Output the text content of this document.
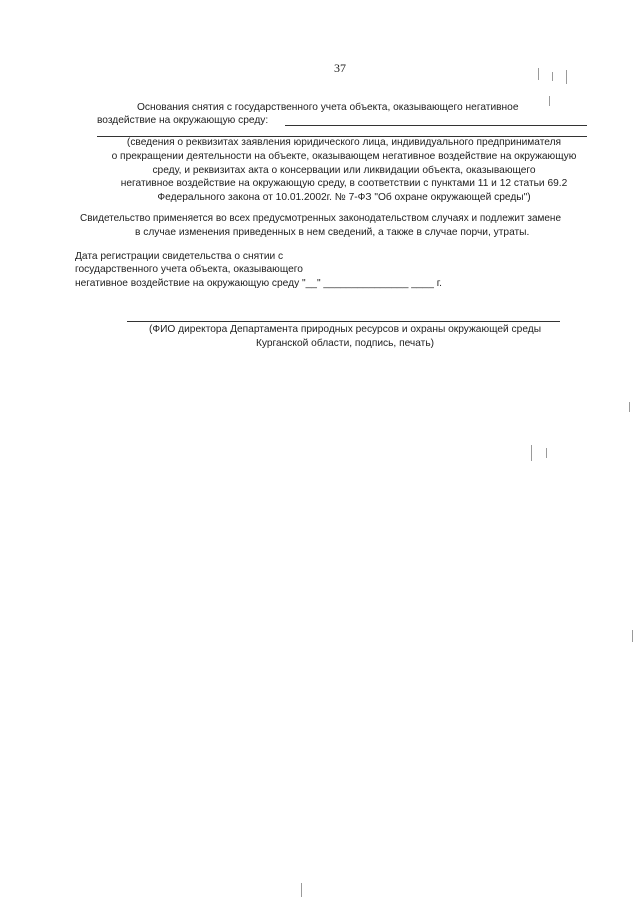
37

Основания снятия с государственного учета объекта, оказывающего негативное

воздействие на окружающую среду:

(сведения о реквизитах заявления юридического лица, индивидуального предпринимателя

о прекращении деятельности на объекте, оказывающем негативное воздействие на окружающую

среду, и реквизитах акта о консервации или ликвидации объекта, оказывающего

негативное воздействие на окружающую среду, в соответствии с пунктами 11 и 12 статьи 69.2

Федерального закона от 10.01.2002г. № 7-ФЗ "Об охране окружающей среды")

Свидетельство применяется во всех предусмотренных законодательством случаях и подлежит замене

в случае изменения приведенных в нем сведений, а также в случае порчи, утраты.

Дата регистрации свидетельства о снятии с

государственного учета объекта, оказывающего

негативное воздействие на окружающую среду "__" _______________ ____ г.

(ФИО директора Департамента природных ресурсов и охраны окружающей среды

Курганской области, подпись, печать)
